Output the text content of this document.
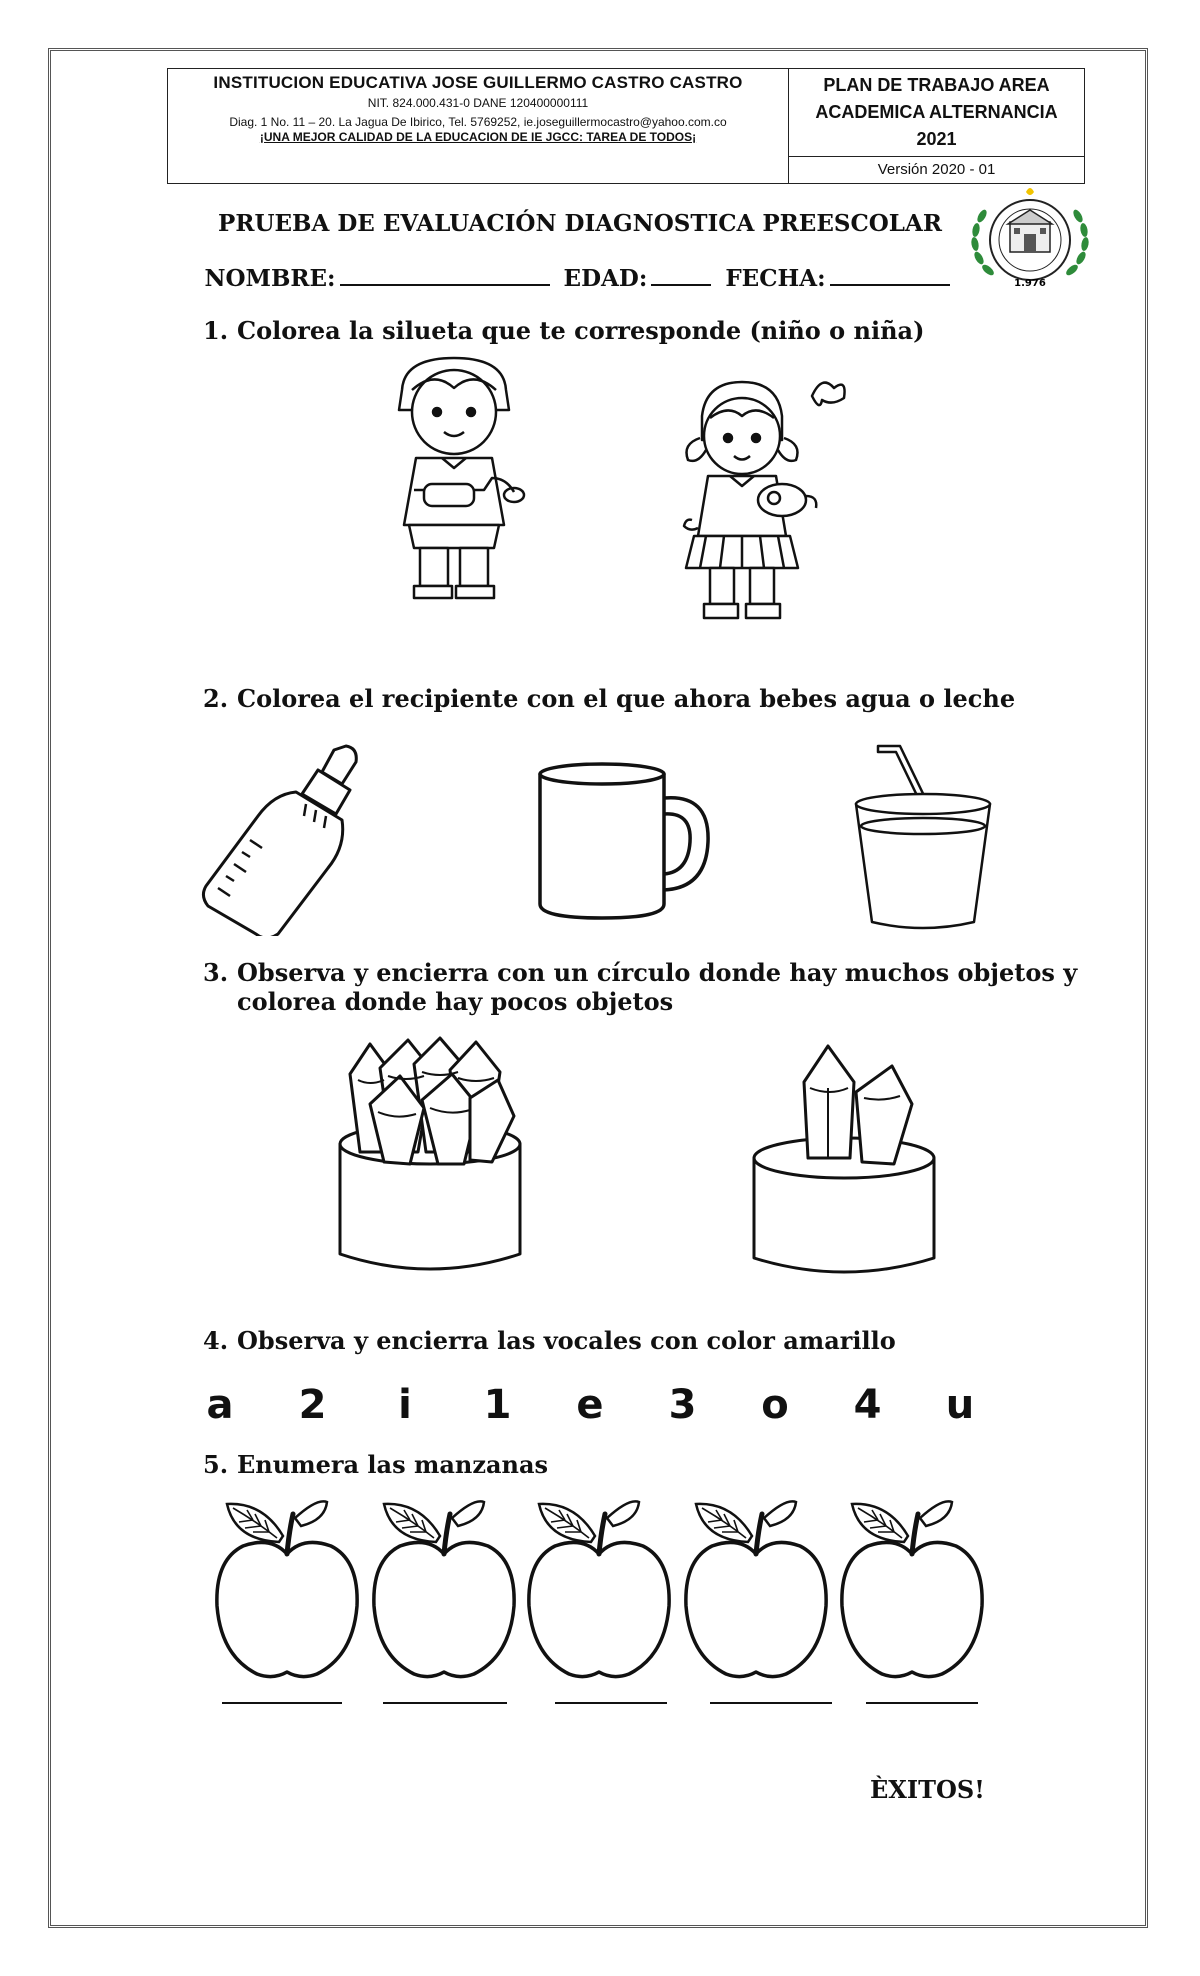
INSTITUCION EDUCATIVA JOSE GUILLERMO CASTRO CASTRO
NIT. 824.000.431-0 DANE 120400000111
Diag. 1 No. 11 – 20. La Jagua De Ibirico, Tel. 5769252, ie.joseguillermocastro@yahoo.com.co
¡UNA MEJOR CALIDAD DE LA EDUCACION DE IE JGCC: TAREA DE TODOS¡
PLAN DE TRABAJO AREA
ACADEMICA ALTERNANCIA
2021
Versión 2020 - 01
1.976
PRUEBA DE EVALUACIÓN DIAGNOSTICA PREESCOLAR
NOMBRE:	EDAD:	FECHA:
1. Colorea la silueta que te corresponde (niño o niña)
2. Colorea el recipiente con el que ahora bebes agua o leche
3. Observa y encierra con un círculo donde hay muchos objetos y
colorea donde hay pocos objetos
4. Observa y encierra las vocales con color amarillo
a 2	i	1 e 3 o 4 u
5. Enumera las manzanas
ÈXITOS!
